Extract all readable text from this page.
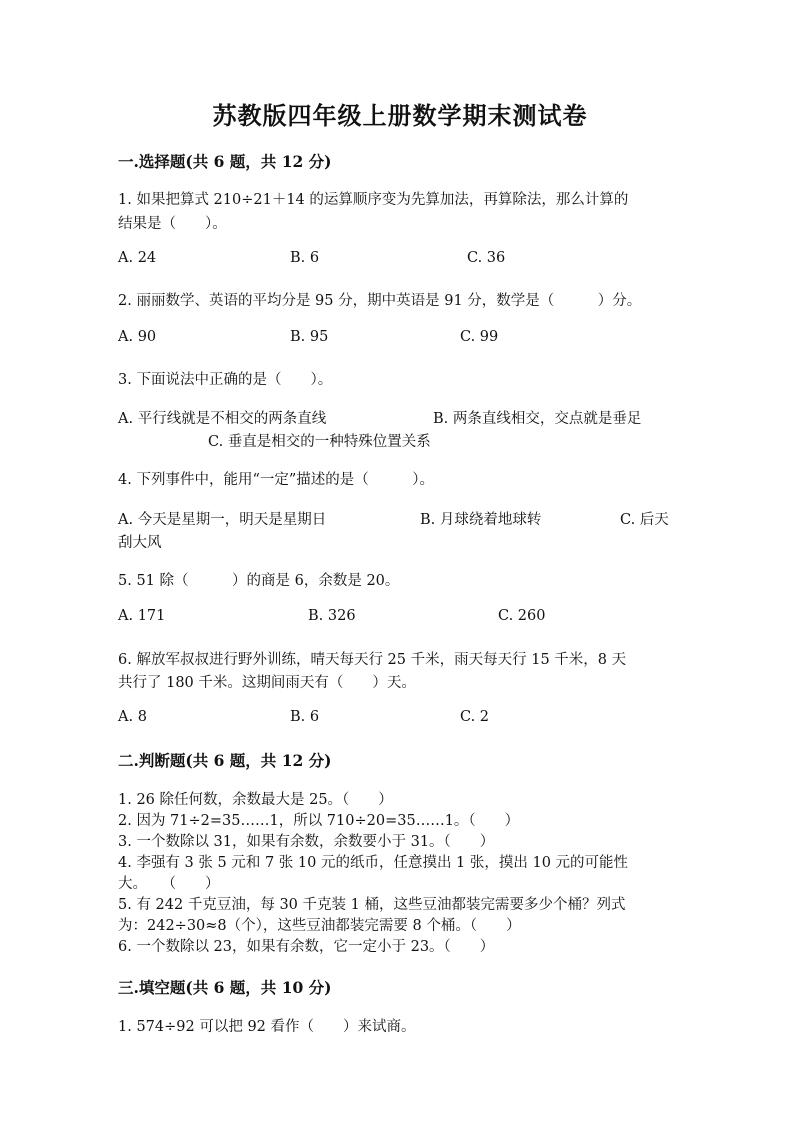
苏教版四年级上册数学期末测试卷
一.选择题(共 6 题，共 12 分)
1. 如果把算式 210÷21＋14 的运算顺序变为先算加法，再算除法，那么计算的
结果是（　　）。
A. 24	B. 6	C. 36
2. 丽丽数学、英语的平均分是 95 分，期中英语是 91 分，数学是（　　　）分。
A. 90	B. 95	C. 99
3. 下面说法中正确的是（　　）。
A. 平行线就是不相交的两条直线	B. 两条直线相交，交点就是垂足
C. 垂直是相交的一种特殊位置关系
4. 下列事件中，能用“一定”描述的是（　　　）。
A. 今天是星期一，明天是星期日	B. 月球绕着地球转	C. 后天
刮大风
5. 51 除（　　　）的商是 6，余数是 20。
A. 171	B. 326	C. 260
6. 解放军叔叔进行野外训练，晴天每天行 25 千米，雨天每天行 15 千米，8 天
共行了 180 千米。这期间雨天有（　　）天。
A. 8	B. 6	C. 2
二.判断题(共 6 题，共 12 分)
1. 26 除任何数，余数最大是 25。（　　）
2. 因为 71÷2=35……1，所以 710÷20=35……1。（　　）
3. 一个数除以 31，如果有余数，余数要小于 31。（　　）
4. 李强有 3 张 5 元和 7 张 10 元的纸币，任意摸出 1 张，摸出 10 元的可能性
大。　　（　　）
5. 有 242 千克豆油，每 30 千克装 1 桶，这些豆油都装完需要多少个桶？列式
为：242÷30≈8（个），这些豆油都装完需要 8 个桶。（　　）
6. 一个数除以 23，如果有余数，它一定小于 23。（　　）
三.填空题(共 6 题，共 10 分)
1. 574÷92 可以把 92 看作（　　）来试商。
